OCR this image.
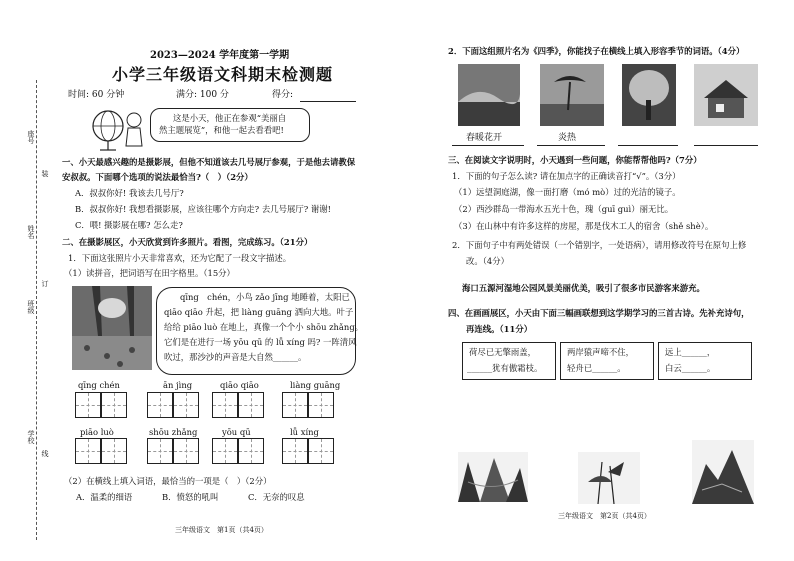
座号
姓名
班级
学校
装
订
线
2023—2024 学年度第一学期
小学三年级语文科期末检测题
时间: 60 分钟	满分: 100 分	得分:
这是小天，他正在参观“美丽自
然主题展览”，和他一起去看看吧!
一、小天最感兴趣的是摄影展，但他不知道该去几号展厅参观，于是他去请教保
安叔叔。下面哪个选项的说法最恰当?（　）（2分）
A．叔叔你好! 我该去几号厅?
B．叔叔你好! 我想看摄影展，应该往哪个方向走? 去几号展厅? 谢谢!
C．喂! 摄影展在哪? 怎么走?
二、在摄影展区，小天欣赏到许多照片。看图，完成练习。（21分）
1．下面这张照片小天非常喜欢，还为它配了一段文字描述。
（1）读拼音，把词语写在田字格里。（15分）
qīng　chén，小鸟 zǎo jīng 地睡着，太阳已
qiāo qiāo 升起，把 liàng guāng 洒向大地。叶子
给给 piāo luò 在地上，真像一个个小 shōu zhǎng。
它们是在进行一场 yōu qū 的 lǚ xíng 吗? 一阵清风
吹过，那沙沙的声音是大自然______。
qīng chén	ān jìng	qiāo qiāo	liàng guāng
piāo luò	shōu zhǎng	yōu qū	lǚ xíng
（2）在横线上填入词语，最恰当的一项是（　）（2分）
A．温柔的细语	B．愤怒的吼叫	C．无奈的叹息
三年级语文　第1页（共4页）
2．下面这组照片名为《四季》，你能找子在横线上填入形容季节的词语。（4分）
春暖花开	炎热
三、在阅读文字说明时，小天遇到一些问题，你能帮帮他吗?（7分）
1．下面的句子怎么读? 请在加点字的正确读音打“√”。（3分）
（1）远望洞庭湖，像一面打磨（mó mò）过的光洁的镜子。
（2）西沙群岛一带海水五光十色，瑰（guī guì）丽无比。
（3）在山林中有许多这样的房屋，那是伐木工人的宿舍（shě shè）。
2．下面句子中有两处错误（一个错别字，一处语病），请用修改符号在原句上修
改。（4分）
海口五源河湿地公园风景美丽优美，吸引了很多市民游客来游充。
四、在画画展区，小天由下面三幅画联想到这学期学习的三首古诗。先补充诗句，
再连线。（11分）
荷尽已无擎雨盖，
______犹有傲霜枝。
两岸猿声啼不住，
轻舟已______。
远上______，
白云______。
三年级语文　第2页（共4页）
